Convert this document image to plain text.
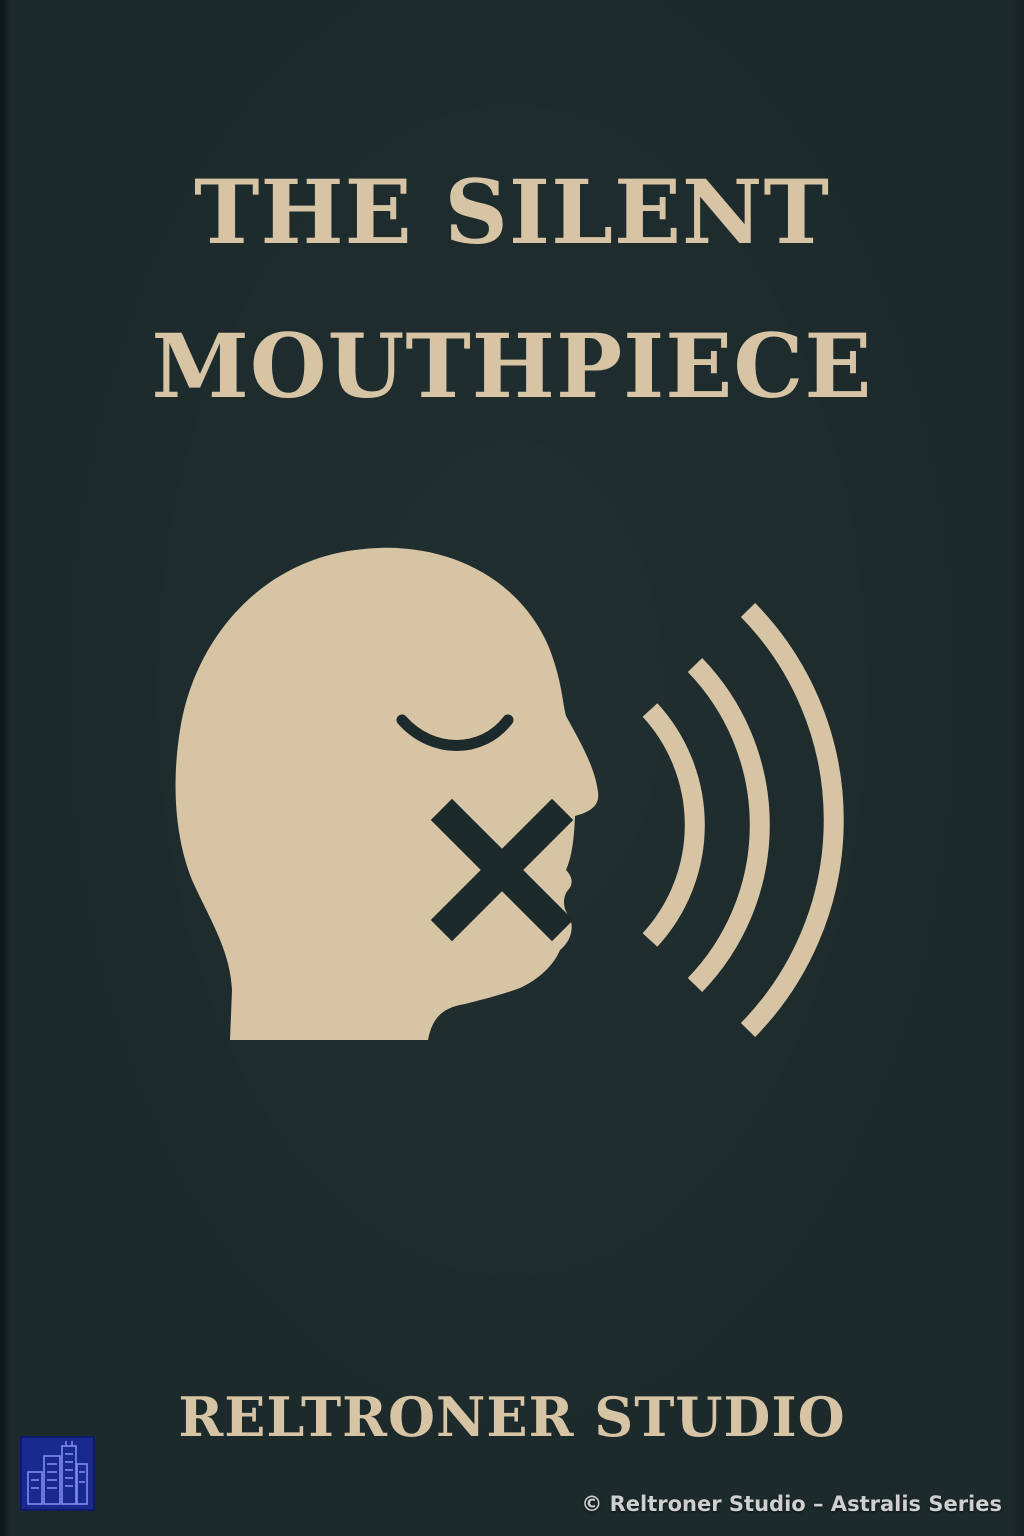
THE SILENT
MOUTHPIECE
RELTRONER STUDIO
© Reltroner Studio – Astralis Series
